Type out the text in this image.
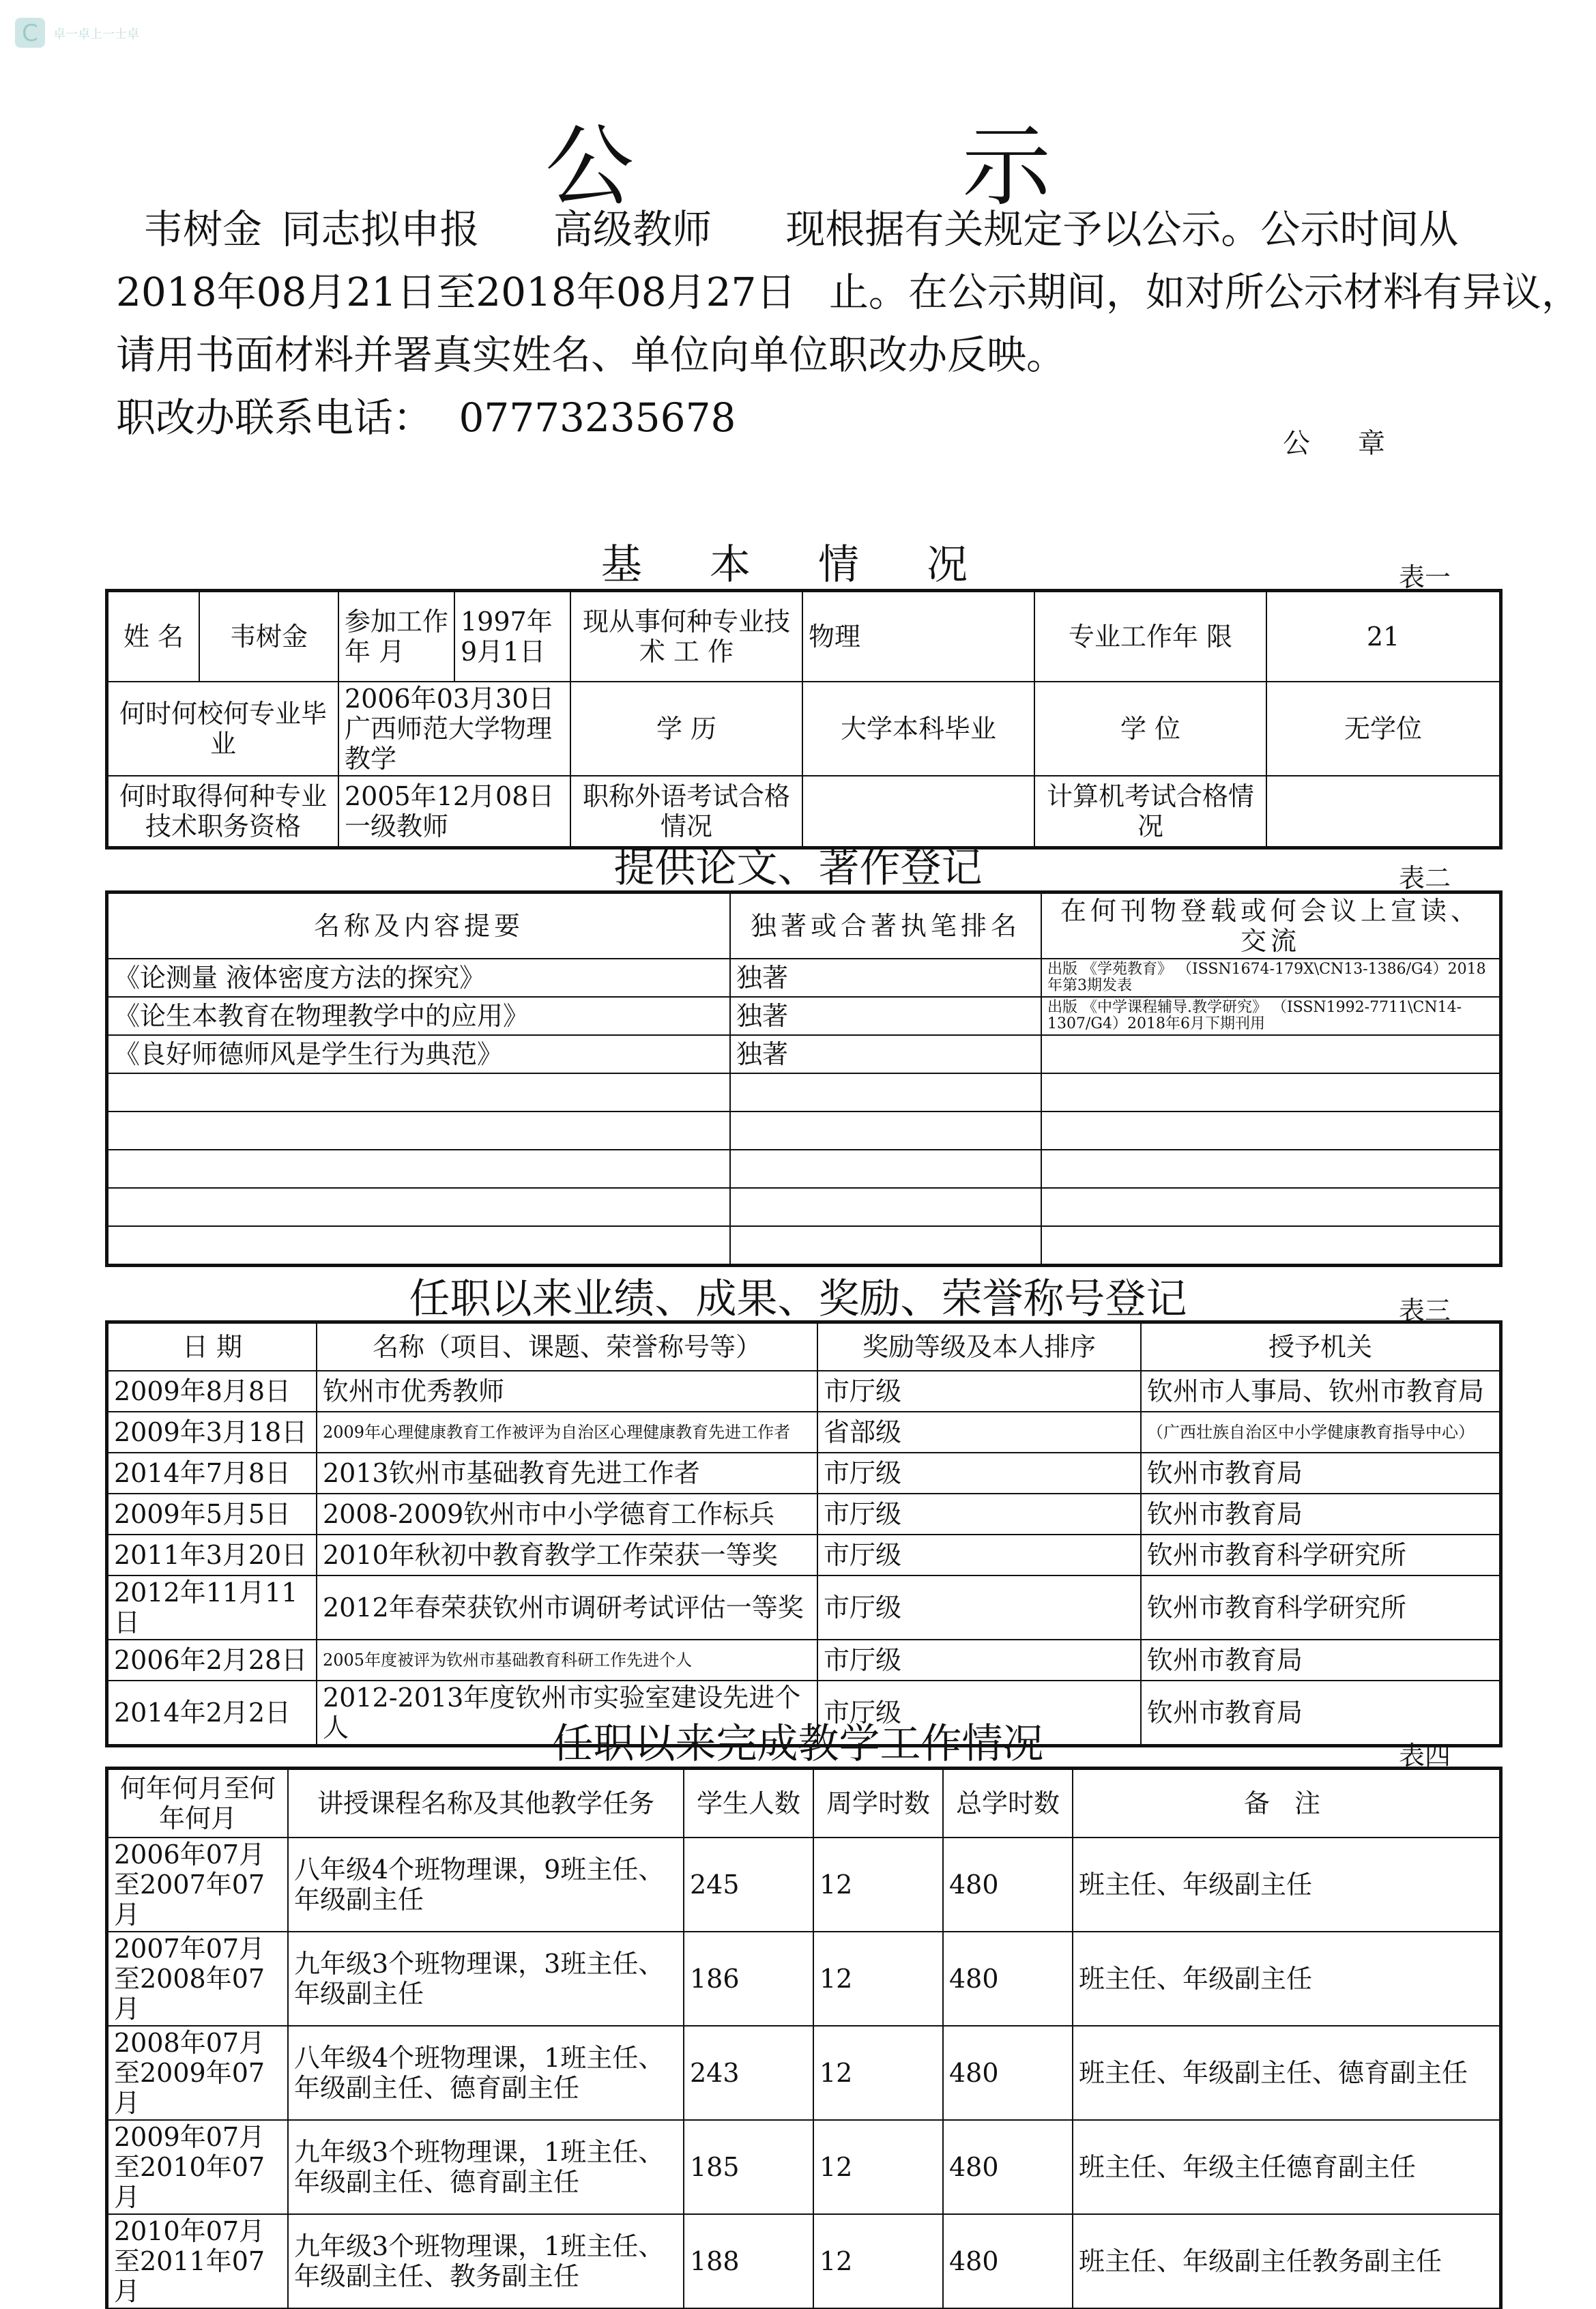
C 卓一卓上一士卓
公 示
韦树金 同志拟申报 高级教师 现根据有关规定予以公示。公示时间从
2018年08月21日至2018年08月27日 止。在公示期间，如对所公示材料有异议，
请用书面材料并署真实姓名、单位向单位职改办反映。
职改办联系电话： 07773235678
公章
基 本 情 况	表一
姓 名	韦树金	参加工作年 月	1997年9月1日	现从事何种专业技 术 工 作	物理	专业工作年 限	21
何时何校何专业毕 业		2006年03月30日广西师范大学物理教学		学 历	大学本科毕业	学 位	无学位
何时取得何种专业技术职务资格		2005年12月08日一级教师		职称外语考试合格情况		计算机考试合格情况	
提供论文、著作登记	表二
名称及内容提要	独著或合著执笔排名	在何刊物登载或何会议上宣读、交流
《论测量 液体密度方法的探究》	独著	出版 《学苑教育》 （ISSN1674-179X\CN13-1386/G4）2018年第3期发表
《论生本教育在物理教学中的应用》	独著	出版 《中学课程辅导.教学研究》 （ISSN1992-7711\CN14-1307/G4）2018年6月下期刊用
《良好师德师风是学生行为典范》	独著	

任职以来业绩、成果、奖励、荣誉称号登记	表三
日 期	名称（项目、课题、荣誉称号等）	奖励等级及本人排序	授予机关
2009年8月8日	钦州市优秀教师	市厅级	钦州市人事局、钦州市教育局
2009年3月18日	2009年心理健康教育工作被评为自治区心理健康教育先进工作者	省部级	（广西壮族自治区中小学健康教育指导中心）
2014年7月8日	2013钦州市基础教育先进工作者	市厅级	钦州市教育局
2009年5月5日	2008-2009钦州市中小学德育工作标兵	市厅级	钦州市教育局
2011年3月20日	2010年秋初中教育教学工作荣获一等奖	市厅级	钦州市教育科学研究所
2012年11月11日	2012年春荣获钦州市调研考试评估一等奖	市厅级	钦州市教育科学研究所
2006年2月28日	2005年度被评为钦州市基础教育科研工作先进个人	市厅级	钦州市教育局
2014年2月2日	2012-2013年度钦州市实验室建设先进个人	市厅级	钦州市教育局
任职以来完成教学工作情况	表四
何年何月至何年何月	讲授课程名称及其他教学任务	学生人数	周学时数	总学时数	备 注
2006年07月至2007年07月	八年级4个班物理课，9班主任、年级副主任	245	12	480	班主任、年级副主任
2007年07月至2008年07月	九年级3个班物理课，3班主任、年级副主任	186	12	480	班主任、年级副主任
2008年07月至2009年07月	八年级4个班物理课，1班主任、年级副主任、德育副主任	243	12	480	班主任、年级副主任、德育副主任
2009年07月至2010年07月	九年级3个班物理课，1班主任、年级副主任、德育副主任	185	12	480	班主任、年级主任德育副主任
2010年07月至2011年07月	九年级3个班物理课，1班主任、年级副主任、教务副主任	188	12	480	班主任、年级副主任教务副主任
